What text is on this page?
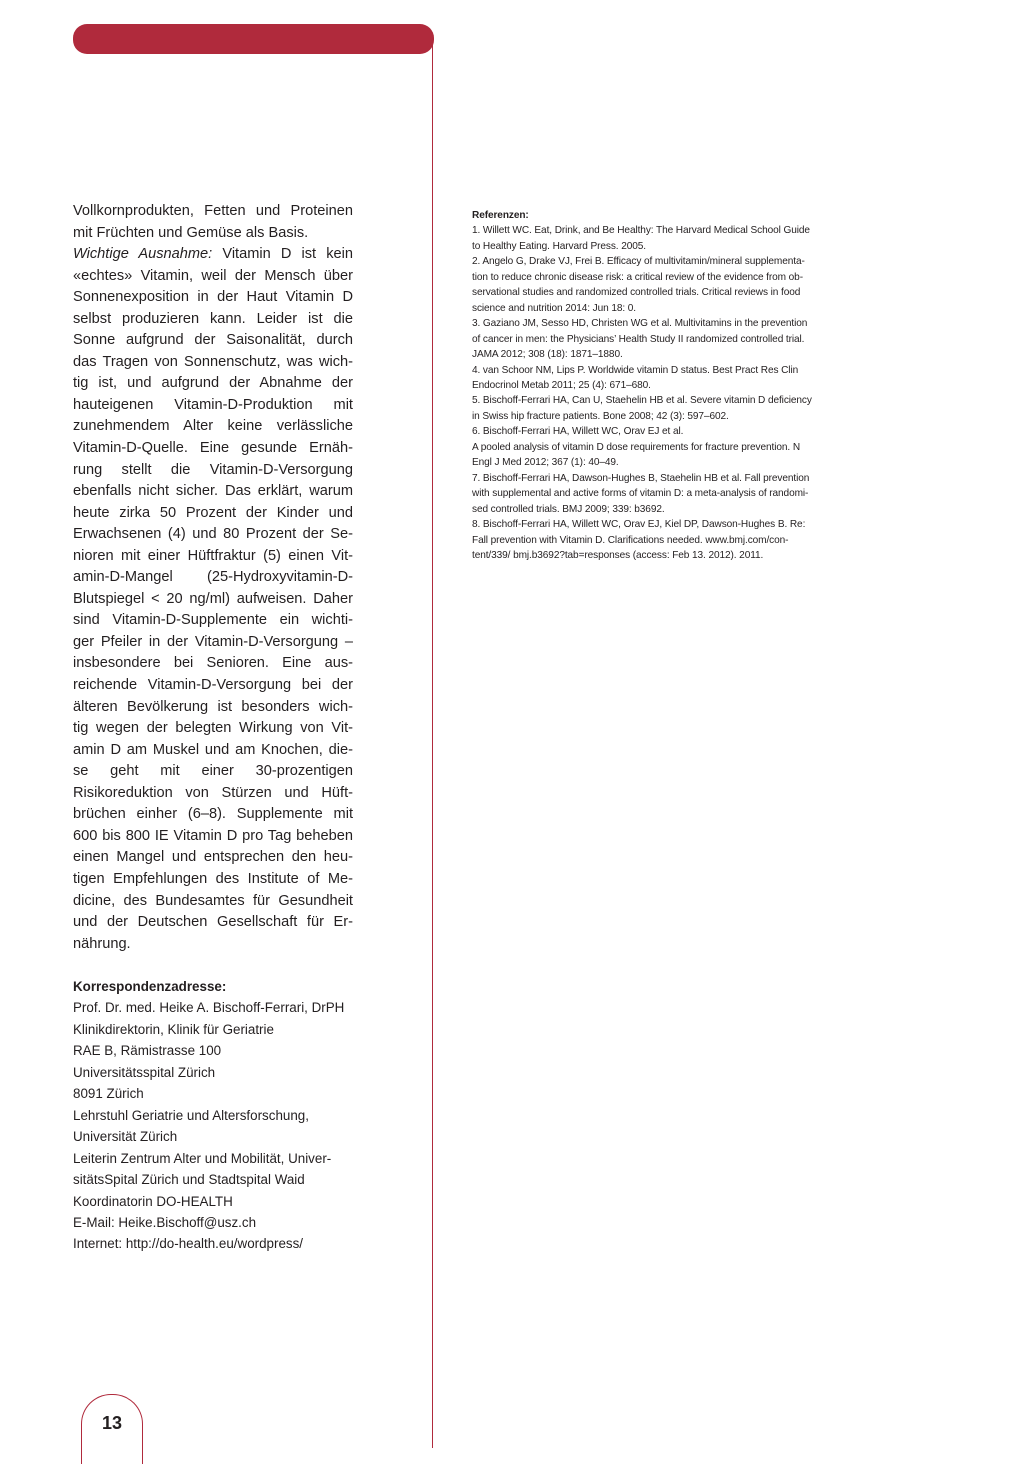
Vollkornprodukten, Fetten und Proteinen
mit Früchten und Gemüse als Basis.
Wichtige Ausnahme: Vitamin D ist kein
«echtes» Vitamin, weil der Mensch über
Sonnenexposition in der Haut Vitamin D
selbst produzieren kann. Leider ist die
Sonne aufgrund der Saisonalität, durch
das Tragen von Sonnenschutz, was wich-
tig ist, und aufgrund der Abnahme der
hauteigenen Vitamin-D-Produktion mit
zunehmendem Alter keine verlässliche
Vitamin-D-Quelle. Eine gesunde Ernäh-
rung stellt die Vitamin-D-Versorgung
ebenfalls nicht sicher. Das erklärt, warum
heute zirka 50 Prozent der Kinder und
Erwachsenen (4) und 80 Prozent der Se-
nioren mit einer Hüftfraktur (5) einen Vit-
amin-D-Mangel (25-Hydroxyvitamin-D-
Blutspiegel < 20 ng/ml) aufweisen. Daher
sind Vitamin-D-Supplemente ein wichti-
ger Pfeiler in der Vitamin-D-Versorgung –
insbesondere bei Senioren. Eine aus-
reichende Vitamin-D-Versorgung bei der
älteren Bevölkerung ist besonders wich-
tig wegen der belegten Wirkung von Vit-
amin D am Muskel und am Knochen, die-
se geht mit einer 30-prozentigen
Risikoreduktion von Stürzen und Hüft-
brüchen einher (6–8). Supplemente mit
600 bis 800 IE Vitamin D pro Tag beheben
einen Mangel und entsprechen den heu-
tigen Empfehlungen des Institute of Me-
dicine, des Bundesamtes für Gesundheit
und der Deutschen Gesellschaft für Er-
nährung.
Korrespondenzadresse:
Prof. Dr. med. Heike A. Bischoff-Ferrari, DrPH
Klinikdirektorin, Klinik für Geriatrie
RAE B, Rämistrasse 100
Universitätsspital Zürich
8091 Zürich
Lehrstuhl Geriatrie und Altersforschung,
Universität Zürich
Leiterin Zentrum Alter und Mobilität, Univer-
sitätsSpital Zürich und Stadtspital Waid
Koordinatorin DO-HEALTH
E-Mail: Heike.Bischoff@usz.ch
Internet: http://do-health.eu/wordpress/
Referenzen:
1. Willett WC. Eat, Drink, and Be Healthy: The Harvard Medical School Guide
to Healthy Eating. Harvard Press. 2005.
2. Angelo G, Drake VJ, Frei B. Efficacy of multivitamin/mineral supplementa-
tion to reduce chronic disease risk: a critical review of the evidence from ob-
servational studies and randomized controlled trials. Critical reviews in food
science and nutrition 2014: Jun 18: 0.
3. Gaziano JM, Sesso HD, Christen WG et al. Multivitamins in the prevention
of cancer in men: the Physicians’ Health Study II randomized controlled trial.
JAMA 2012; 308 (18): 1871–1880.
4. van Schoor NM, Lips P. Worldwide vitamin D status. Best Pract Res Clin
Endocrinol Metab 2011; 25 (4): 671–680.
5. Bischoff-Ferrari HA, Can U, Staehelin HB et al. Severe vitamin D deficiency
in Swiss hip fracture patients. Bone 2008; 42 (3): 597–602.
6. Bischoff-Ferrari HA, Willett WC, Orav EJ et al.
A pooled analysis of vitamin D dose requirements for fracture prevention. N
Engl J Med 2012; 367 (1): 40–49.
7. Bischoff-Ferrari HA, Dawson-Hughes B, Staehelin HB et al. Fall prevention
with supplemental and active forms of vitamin D: a meta-analysis of randomi-
sed controlled trials. BMJ 2009; 339: b3692.
8. Bischoff-Ferrari HA, Willett WC, Orav EJ, Kiel DP, Dawson-Hughes B. Re:
Fall prevention with Vitamin D. Clarifications needed. www.bmj.com/con-
tent/339/ bmj.b3692?tab=responses (access: Feb 13. 2012). 2011.
13
